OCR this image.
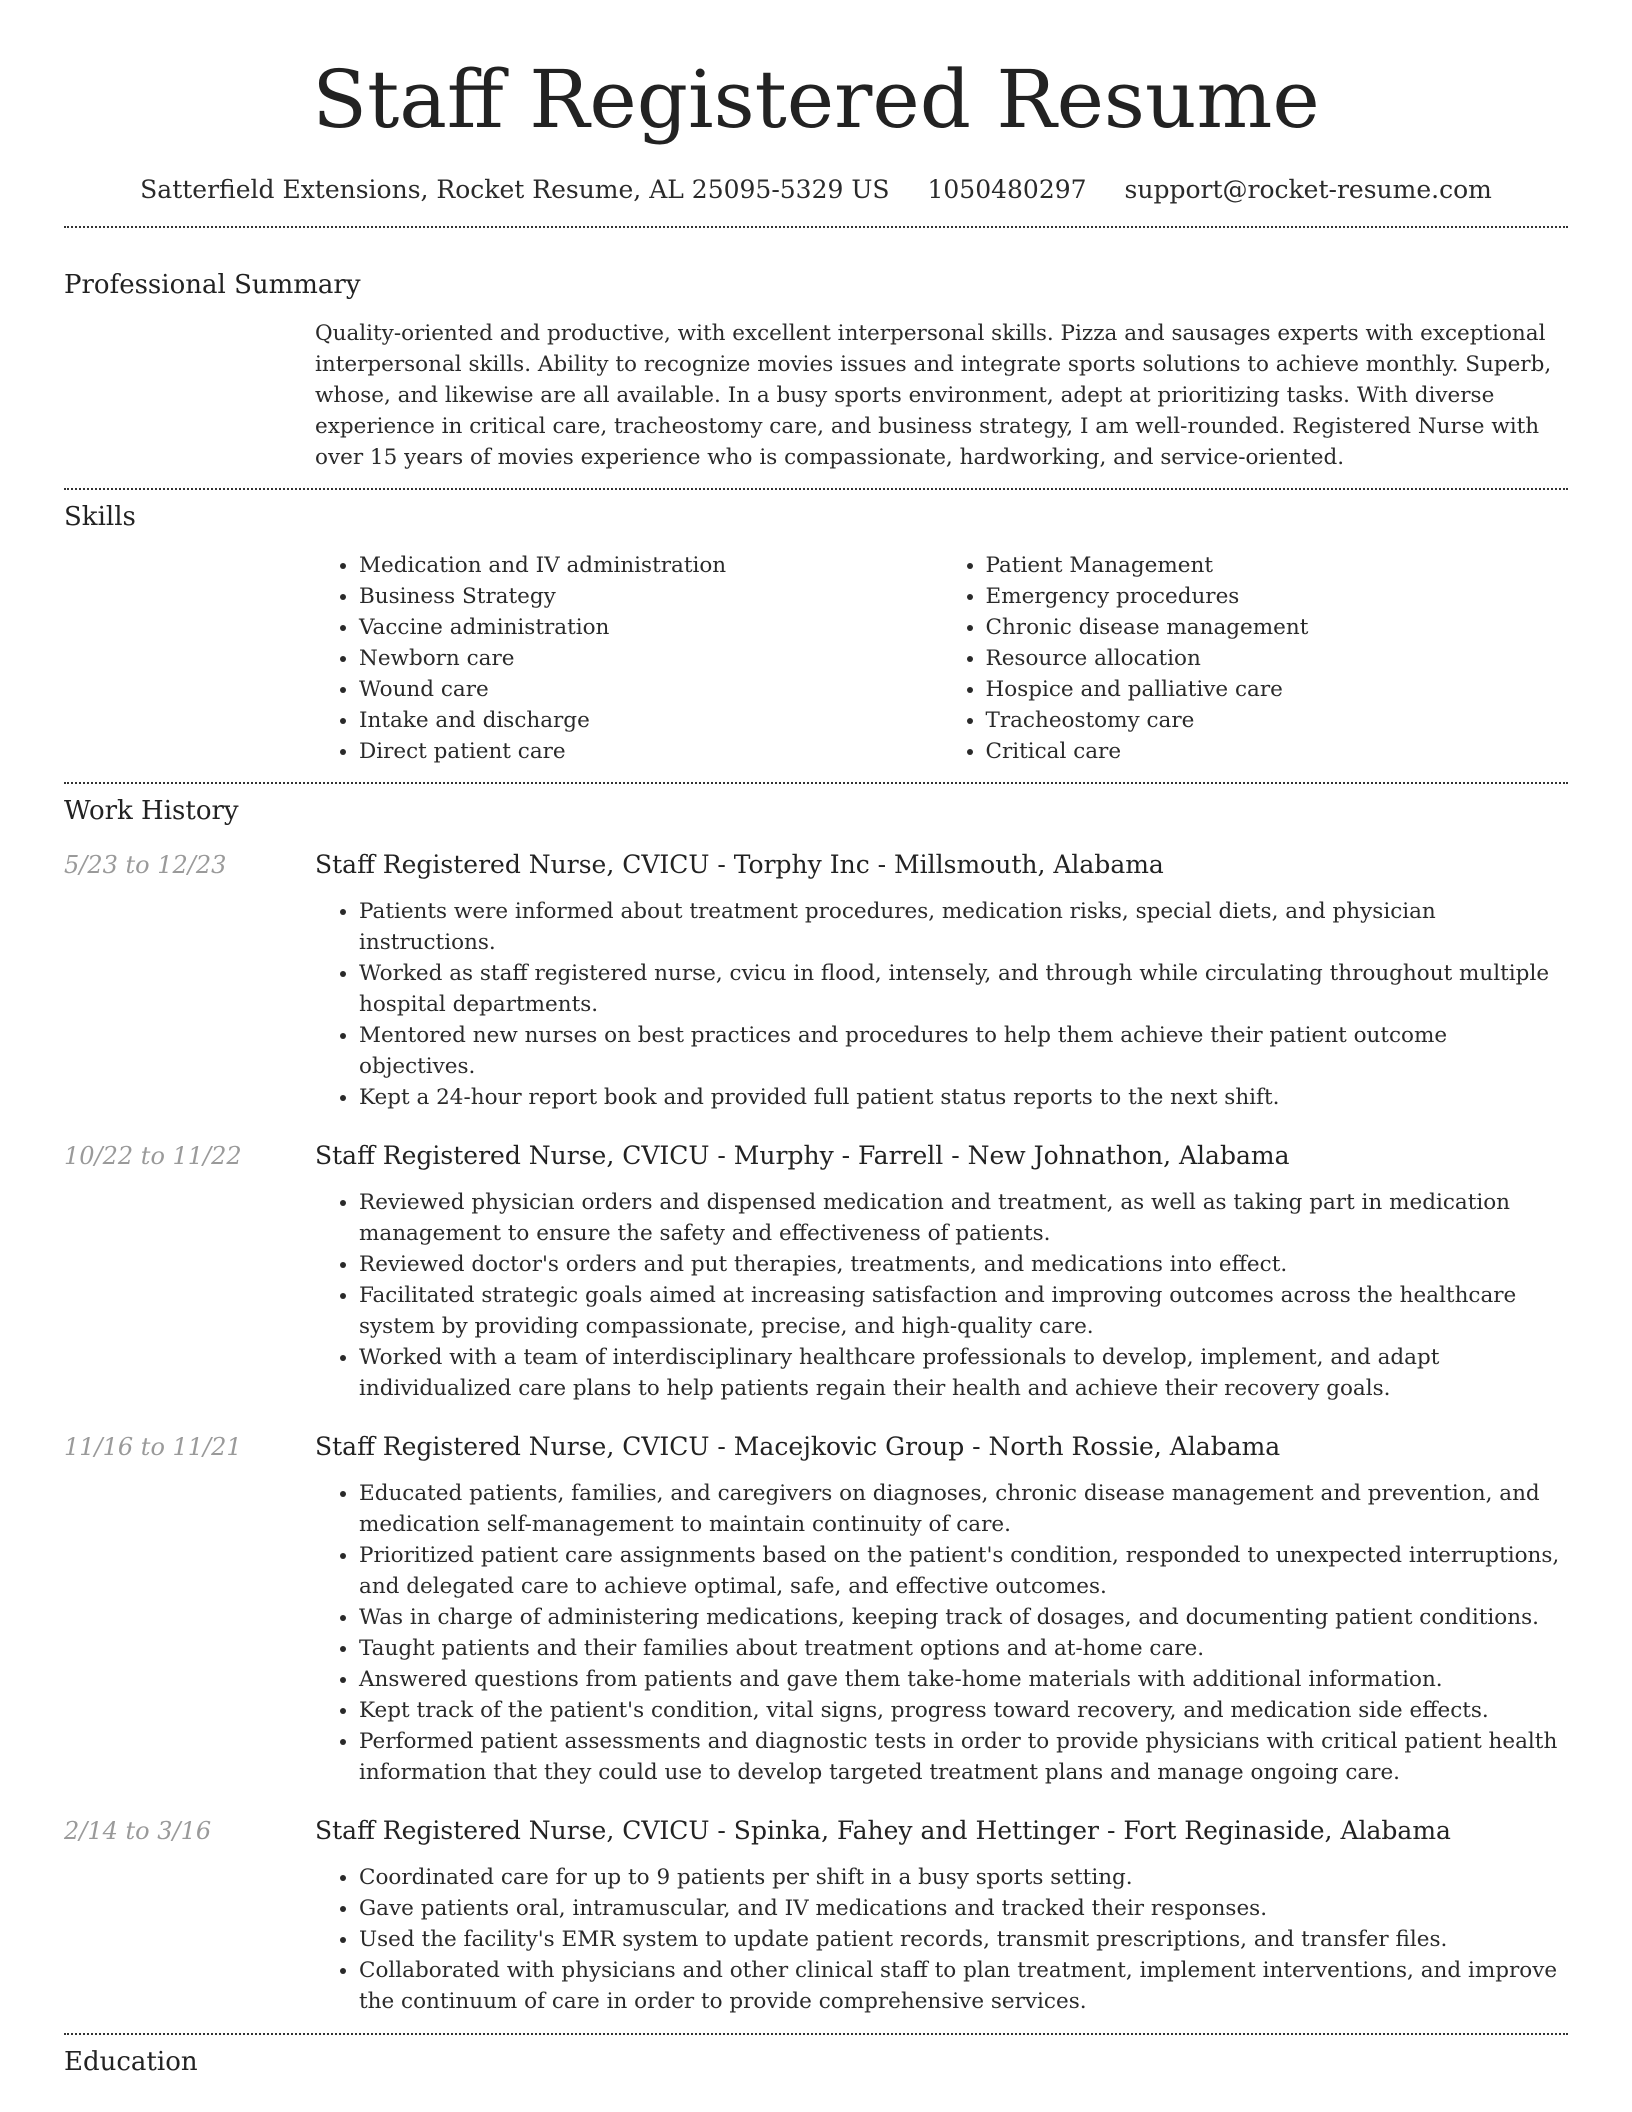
Staff Registered Resume
Satterfield Extensions, Rocket Resume, AL 25095-5329 US 1050480297 support@rocket-resume.com
Professional Summary
Quality-oriented and productive, with excellent interpersonal skills. Pizza and sausages experts with exceptional interpersonal skills. Ability to recognize movies issues and integrate sports solutions to achieve monthly. Superb, whose, and likewise are all available. In a busy sports environment, adept at prioritizing tasks. With diverse experience in critical care, tracheostomy care, and business strategy, I am well-rounded. Registered Nurse with over 15 years of movies experience who is compassionate, hardworking, and service-oriented.
Skills
• Medication and IV administration
• Business Strategy
• Vaccine administration
• Newborn care
• Wound care
• Intake and discharge
• Direct patient care
• Patient Management
• Emergency procedures
• Chronic disease management
• Resource allocation
• Hospice and palliative care
• Tracheostomy care
• Critical care
Work History
5/23 to 12/23	Staff Registered Nurse, CVICU - Torphy Inc - Millsmouth, Alabama
• Patients were informed about treatment procedures, medication risks, special diets, and physician instructions.
• Worked as staff registered nurse, cvicu in flood, intensely, and through while circulating throughout multiple hospital departments.
• Mentored new nurses on best practices and procedures to help them achieve their patient outcome objectives.
• Kept a 24-hour report book and provided full patient status reports to the next shift.
10/22 to 11/22	Staff Registered Nurse, CVICU - Murphy - Farrell - New Johnathon, Alabama
• Reviewed physician orders and dispensed medication and treatment, as well as taking part in medication management to ensure the safety and effectiveness of patients.
• Reviewed doctor's orders and put therapies, treatments, and medications into effect.
• Facilitated strategic goals aimed at increasing satisfaction and improving outcomes across the healthcare system by providing compassionate, precise, and high-quality care.
• Worked with a team of interdisciplinary healthcare professionals to develop, implement, and adapt individualized care plans to help patients regain their health and achieve their recovery goals.
11/16 to 11/21	Staff Registered Nurse, CVICU - Macejkovic Group - North Rossie, Alabama
• Educated patients, families, and caregivers on diagnoses, chronic disease management and prevention, and medication self-management to maintain continuity of care.
• Prioritized patient care assignments based on the patient's condition, responded to unexpected interruptions, and delegated care to achieve optimal, safe, and effective outcomes.
• Was in charge of administering medications, keeping track of dosages, and documenting patient conditions.
• Taught patients and their families about treatment options and at-home care.
• Answered questions from patients and gave them take-home materials with additional information.
• Kept track of the patient's condition, vital signs, progress toward recovery, and medication side effects.
• Performed patient assessments and diagnostic tests in order to provide physicians with critical patient health information that they could use to develop targeted treatment plans and manage ongoing care.
2/14 to 3/16	Staff Registered Nurse, CVICU - Spinka, Fahey and Hettinger - Fort Reginaside, Alabama
• Coordinated care for up to 9 patients per shift in a busy sports setting.
• Gave patients oral, intramuscular, and IV medications and tracked their responses.
• Used the facility's EMR system to update patient records, transmit prescriptions, and transfer files.
• Collaborated with physicians and other clinical staff to plan treatment, implement interventions, and improve the continuum of care in order to provide comprehensive services.
Education
